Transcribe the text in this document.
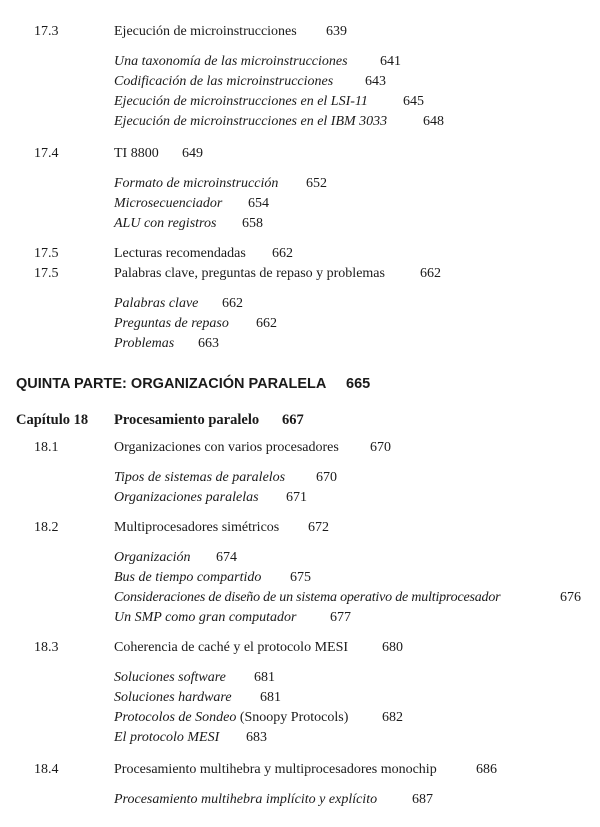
17.3	Ejecución de microinstrucciones 639
Una taxonomía de las microinstrucciones 641
Codificación de las microinstrucciones 643
Ejecución de microinstrucciones en el LSI-11	645
Ejecución de microinstrucciones en el IBM 3033	648
17.4	TI 8800 649
Formato de microinstrucción 652
Microsecuenciador 654
ALU con registros 658
17.5	Lecturas recomendadas 662
17.5	Palabras clave, preguntas de repaso y problemas	662
Palabras clave 662
Preguntas de repaso 662
Problemas 663
QUINTA PARTE: ORGANIZACIÓN PARALELA 665
Capítulo 18 Procesamiento paralelo 667
18.1	Organizaciones con varios procesadores 670
Tipos de sistemas de paralelos 670
Organizaciones paralelas 671
18.2	Multiprocesadores simétricos 672
Organización 674
Bus de tiempo compartido 675
Consideraciones de diseño de un sistema operativo de multiprocesador	676
Un SMP como gran computador 677
18.3	Coherencia de caché y el protocolo MESI 680
Soluciones software 681
Soluciones hardware 681
Protocolos de Sondeo (Snoopy Protocols) 682
El protocolo MESI 683
18.4	Procesamiento multihebra y multiprocesadores monochip	686
Procesamiento multihebra implícito y explícito 687
